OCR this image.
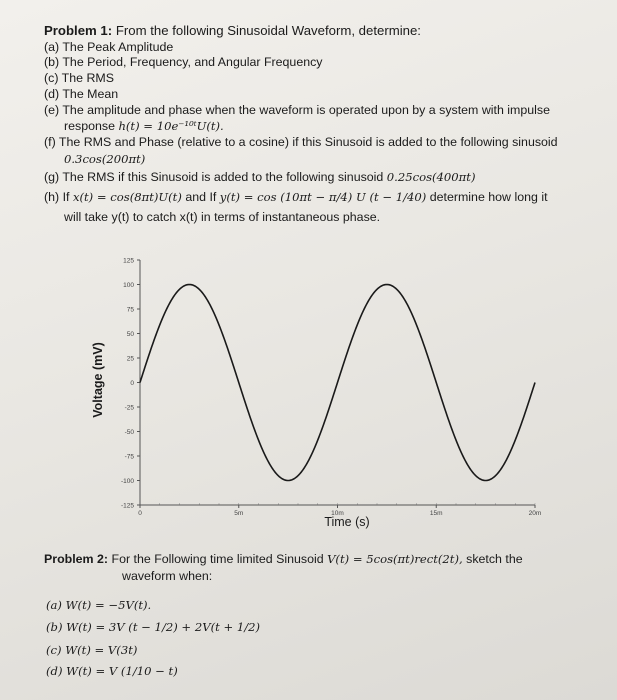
Problem 1: From the following Sinusoidal Waveform, determine:
(a) The Peak Amplitude
(b) The Period, Frequency, and Angular Frequency
(c) The RMS
(d) The Mean
(e) The amplitude and phase when the waveform is operated upon by a system with impulse
response h(t) = 10e⁻¹⁰ᵗU(t).
(f) The RMS and Phase (relative to a cosine) if this Sinusoid is added to the following sinusoid
0.3cos(200πt)
(g) The RMS if this Sinusoid is added to the following sinusoid 0.25cos(400πt)
(h) If x(t) = cos(8πt)U(t) and If y(t) = cos (10πt − π/4) U (t − 1/40) determine how long it
will take y(t) to catch x(t) in terms of instantaneous phase.
125
100
75
50
25
0
-25
-50
-75
-100
-125
0	5m	10m	15m	20m
Voltage (mV)
Time (s)
Problem 2: For the Following time limited Sinusoid V(t) = 5cos(πt)rect(2t), sketch the
waveform when:
(a) W(t) = −5V(t).
(b) W(t) = 3V (t − 1/2) + 2V(t + 1/2)
(c) W(t) = V(3t)
(d) W(t) = V (1/10 − t)
